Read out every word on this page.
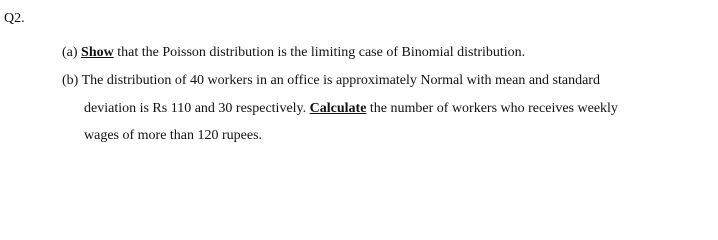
Q2.
(a) Show that the Poisson distribution is the limiting case of Binomial distribution.
(b) The distribution of 40 workers in an office is approximately Normal with mean and standard
deviation is Rs 110 and 30 respectively. Calculate the number of workers who receives weekly
wages of more than 120 rupees.
